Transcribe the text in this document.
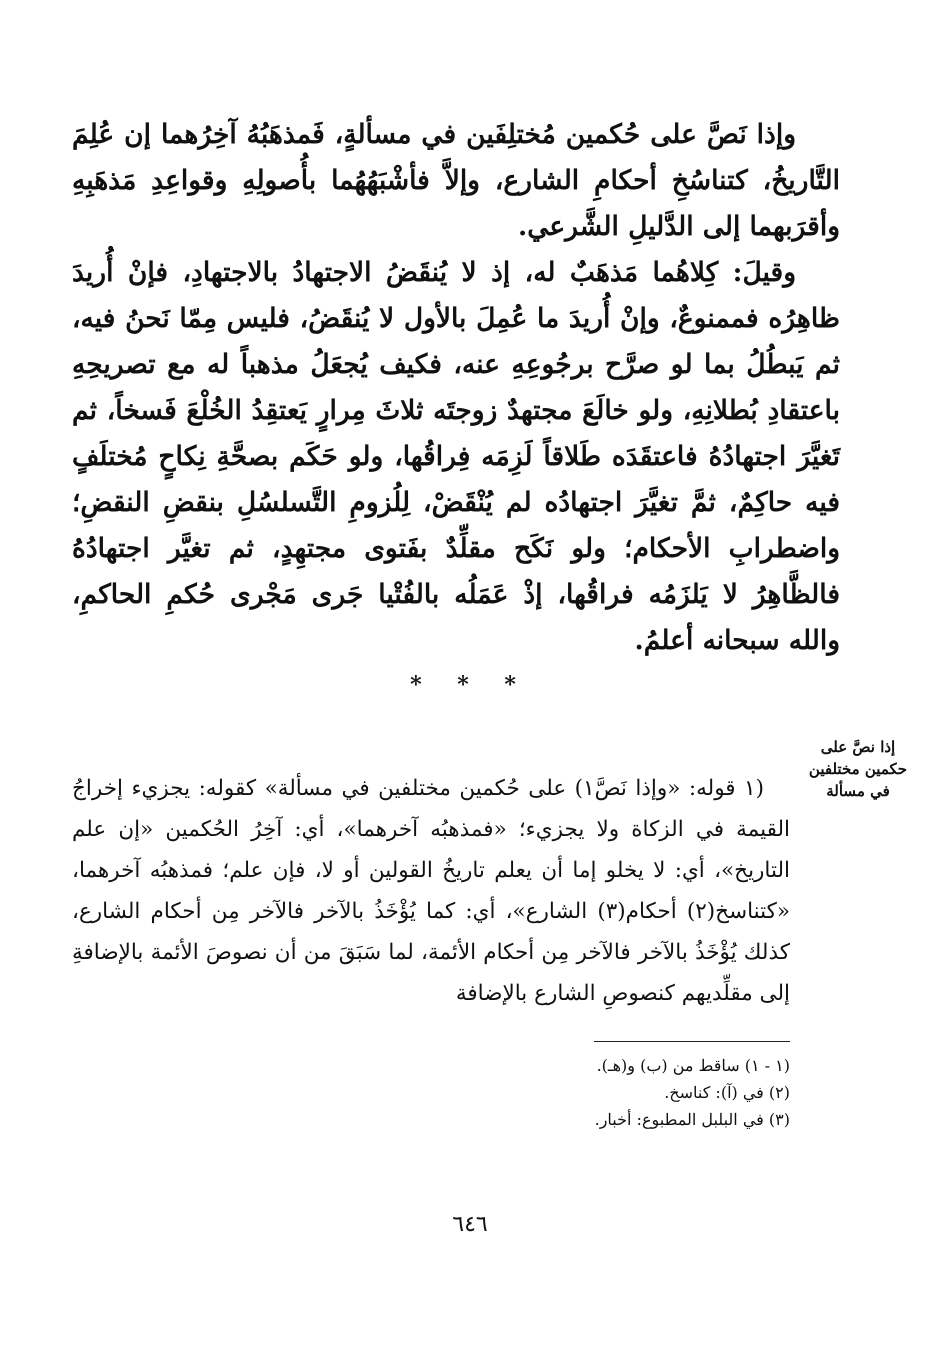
وإذا نَصَّ على حُكمين مُختلِفَين في مسألةٍ، فَمذهَبُهُ آخِرُهما إن عُلِمَ التَّاريخُ، كتناسُخِ أحكامِ الشارع، وإلاَّ فأشْبَهُهُما بأُصولِهِ وقواعِدِ مَذهَبِهِ وأقرَبهما إلى الدَّليلِ الشَّرعي.

وقيلَ: كِلاهُما مَذهَبٌ له، إذ لا يُنقَضُ الاجتهادُ بالاجتهادِ، فإنْ أُريدَ ظاهِرُه فممنوعٌ، وإنْ أُريدَ ما عُمِلَ بالأول لا يُنقَضُ، فليس مِمّا نَحنُ فيه، ثم يَبطُلُ بما لو صرَّح برجُوعِهِ عنه، فكيف يُجعَلُ مذهباً له مع تصريحِهِ باعتقادِ بُطلانِهِ، ولو خالَعَ مجتهدٌ زوجتَه ثلاثَ مِرارٍ يَعتقِدُ الخُلْعَ فَسخاً، ثم تَغيَّرَ اجتهادُهُ فاعتقَدَه طَلاقاً لَزِمَه فِراقُها، ولو حَكَم بصحَّةِ نِكاحٍ مُختلَفٍ فيه حاكِمٌ، ثمَّ تغيَّرَ اجتهادُه لم يُنْقَضْ، لِلُزومِ التَّسلسُلِ بنقضِ النقضِ؛ واضطرابِ الأحكام؛ ولو نَكَح مقلِّدٌ بفَتوى مجتهِدٍ، ثم تغيَّر اجتهادُهُ فالظَّاهِرُ لا يَلزَمُه فراقُها، إذْ عَمَلُه بالفُتْيا جَرى مَجْرى حُكمِ الحاكمِ، والله سبحانه أعلمُ.

* * *
إذا نصَّ على
حكمين مختلفين
في مسألة

(١ قوله: «وإذا نَصَّ١) على حُكمين مختلفين في مسألة» كقوله: يجزيء إخراجُ القيمة في الزكاة ولا يجزيء؛ «فمذهبُه آخرهما»، أي: آخِرُ الحُكمين «إن علم التاريخ»، أي: لا يخلو إما أن يعلم تاريخُ القولين أو لا، فإن علم؛ فمذهبُه آخرهما، «كتناسخ(٢) أحكام(٣) الشارع»، أي: كما يُؤْخَذُ بالآخر فالآخر مِن أحكام الشارع، كذلك يُؤْخَذُ بالآخر فالآخر مِن أحكام الأئمة، لما سَبَقَ من أن نصوصَ الأئمة بالإضافةِ إلى مقلِّديهم كنصوصِ الشارع بالإضافة

(١ - ١) ساقط من (ب) و(هـ).

(٢) في (آ): كناسخ.

(٣) في البلبل المطبوع: أخبار.

٦٤٦
